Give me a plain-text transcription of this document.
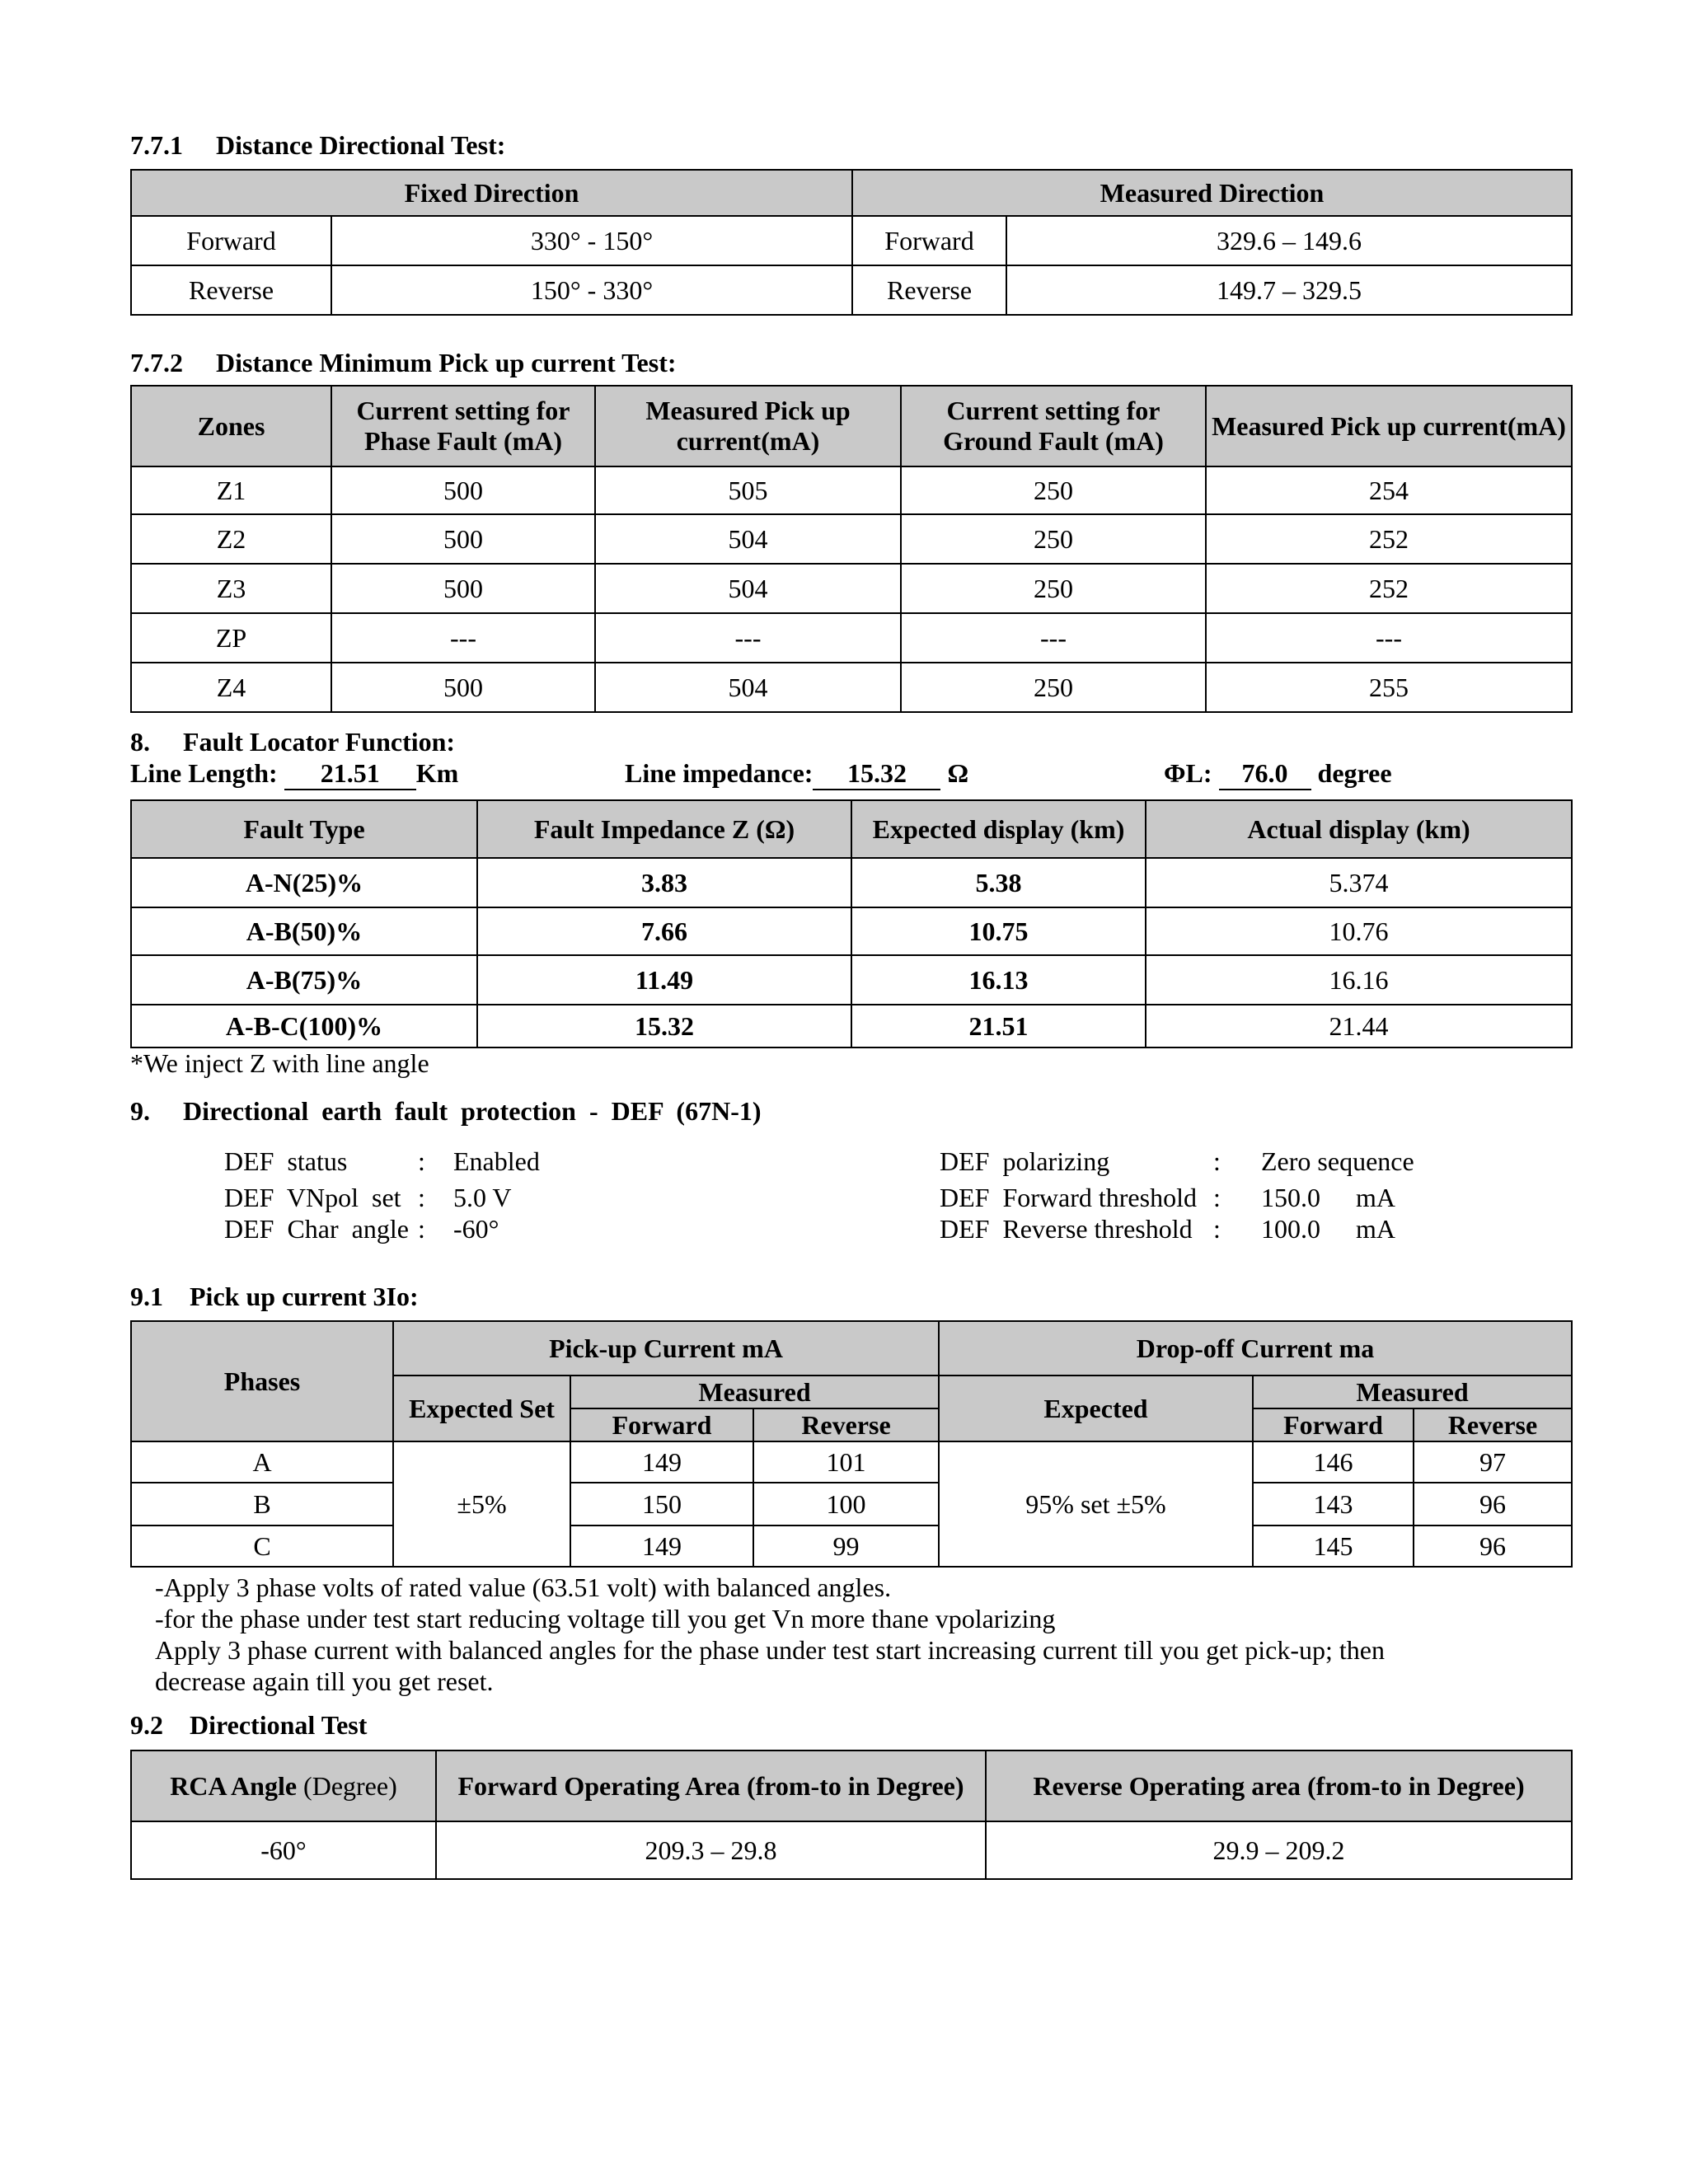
7.7.1     Distance Directional Test:
Fixed Direction		Measured Direction	
Forward	330° - 150°	Forward	329.6 – 149.6
Reverse	150° - 330°	Reverse	149.7 – 329.5
7.7.2     Distance Minimum Pick up current Test:
Zones	Current setting for Phase Fault (mA)	Measured Pick up current(mA)	Current setting for Ground Fault (mA)	Measured Pick up current(mA)
Z1	500	505	250	254
Z2	500	504	250	252
Z3	500	504	250	252
ZP	---	---	---	---
Z4	500	504	250	255
8.     Fault Locator Function:
Line Length: 21.51 Km	Line impedance: 15.32 Ω	ΦL: 76.0 degree
Fault Type	Fault Impedance Z (Ω)	Expected display (km)	Actual display (km)
A-N(25)%	3.83	5.38	5.374
A-B(50)%	7.66	10.75	10.76
A-B(75)%	11.49	16.13	16.16
A-B-C(100)%	15.32	21.51	21.44
*We inject Z with line angle
9.     Directional  earth  fault  protection  -  DEF  (67N-1)
DEF  status	: Enabled
DEF  VNpol  set : 5.0 V
DEF  Char  angle : -60°
DEF  polarizing	: Zero sequence
DEF  Forward threshold : 150.0 mA
DEF  Reverse threshold : 100.0 mA
9.1    Pick up current 3Io:
Phases	Pick-up Current mA			Drop-off Current ma		
	Expected Set	Measured		Expected	Measured	
		Forward	Reverse		Forward	Reverse
A	±5%	149	101	95% set ±5%	146	97
B		150	100		143	96
C		149	99		145	96
-Apply 3 phase volts of rated value (63.51 volt) with balanced angles.
-for the phase under test start reducing voltage till you get Vn more thane vpolarizing
Apply 3 phase current with balanced angles for the phase under test start increasing current till you get pick-up; then
decrease again till you get reset.
9.2    Directional Test
RCA Angle (Degree)	Forward Operating Area (from-to in Degree)	Reverse Operating area (from-to in Degree)
-60°	209.3 – 29.8	29.9 – 209.2
